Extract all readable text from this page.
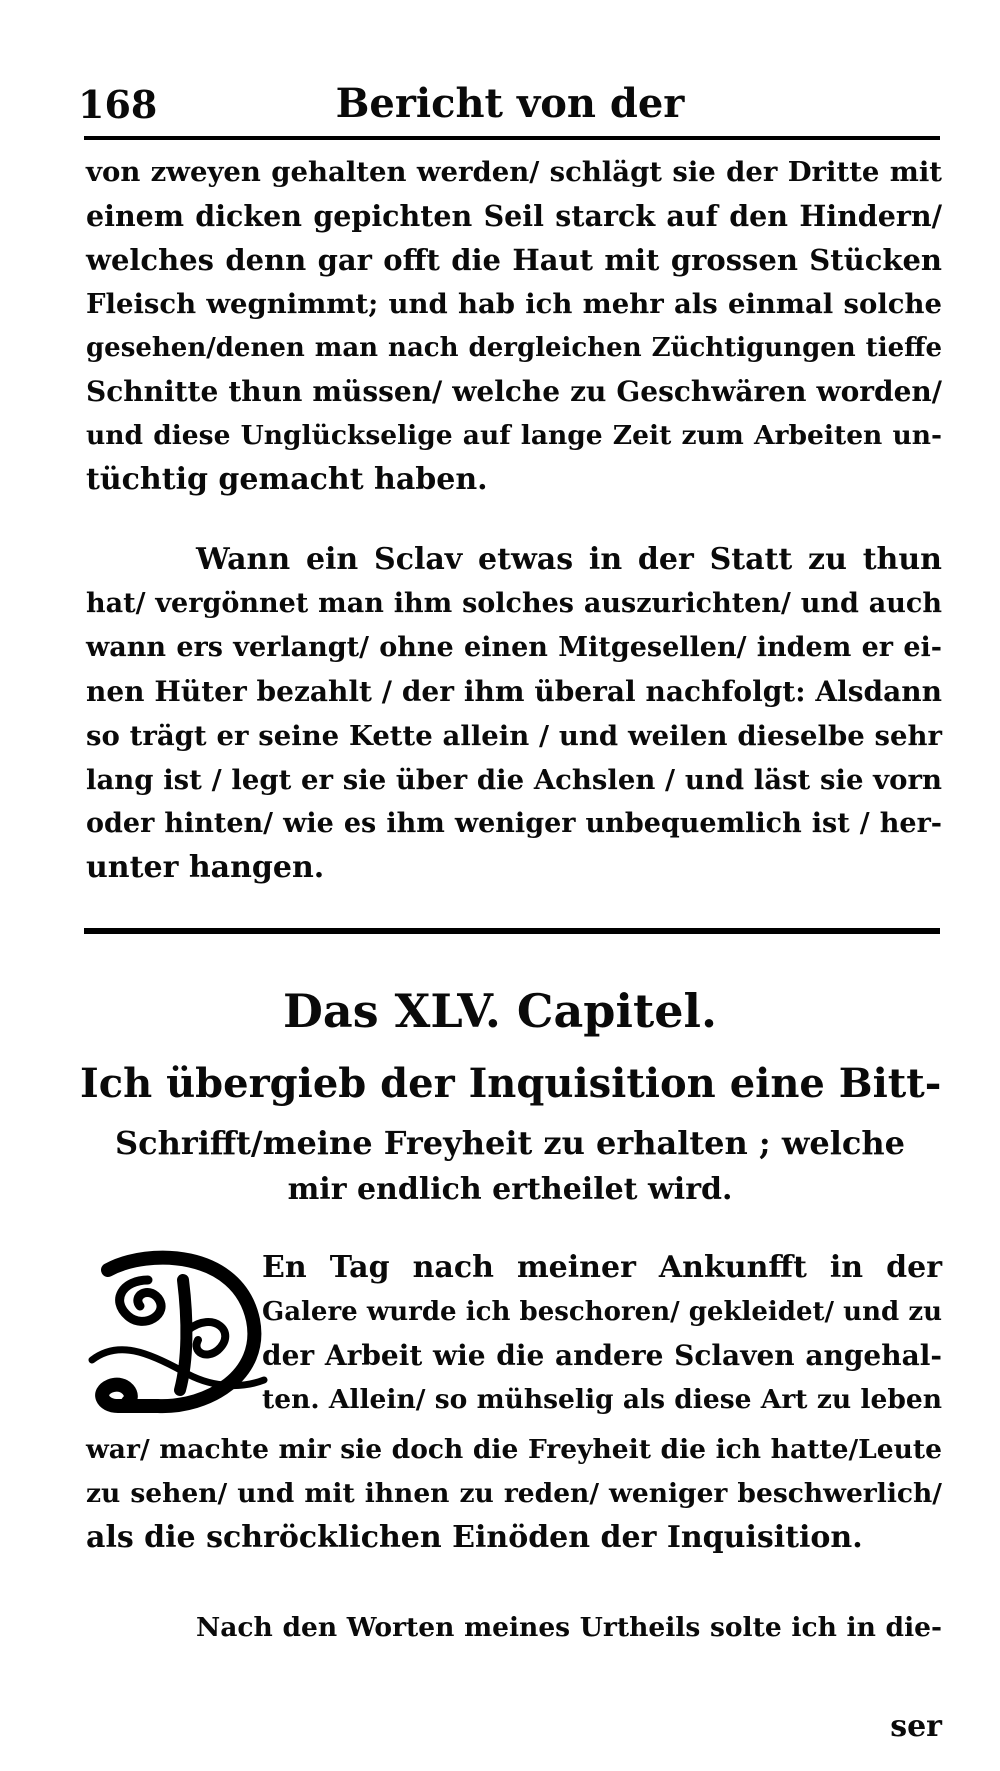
168	Bericht von der
von zweyen gehalten werden/ schlägt sie der Dritte mit
einem dicken gepichten Seil starck auf den Hindern/
welches denn gar offt die Haut mit grossen Stücken
Fleisch wegnimmt; und hab ich mehr als einmal solche
gesehen/denen man nach dergleichen Züchtigungen tieffe
Schnitte thun müssen/ welche zu Geschwären worden/
und diese Unglückselige auf lange Zeit zum Arbeiten un-
tüchtig gemacht haben.
Wann ein Sclav etwas in der Statt zu thun
hat/ vergönnet man ihm solches auszurichten/ und auch
wann ers verlangt/ ohne einen Mitgesellen/ indem er ei-
nen Hüter bezahlt / der ihm überal nachfolgt: Alsdann
so trägt er seine Kette allein / und weilen dieselbe sehr
lang ist / legt er sie über die Achslen / und läst sie vorn
oder hinten/ wie es ihm weniger unbequemlich ist / her-
unter hangen.
Das XLV. Capitel.
Ich übergieb der Inquisition eine Bitt-
Schrifft/meine Freyheit zu erhalten ; welche
mir endlich ertheilet wird.
D
En Tag nach meiner Ankunfft in der
Galere wurde ich beschoren/ gekleidet/ und zu
der Arbeit wie die andere Sclaven angehal-
ten. Allein/ so mühselig als diese Art zu leben
war/ machte mir sie doch die Freyheit die ich hatte/Leute
zu sehen/ und mit ihnen zu reden/ weniger beschwerlich/
als die schröcklichen Einöden der Inquisition.
Nach den Worten meines Urtheils solte ich in die-
ser
